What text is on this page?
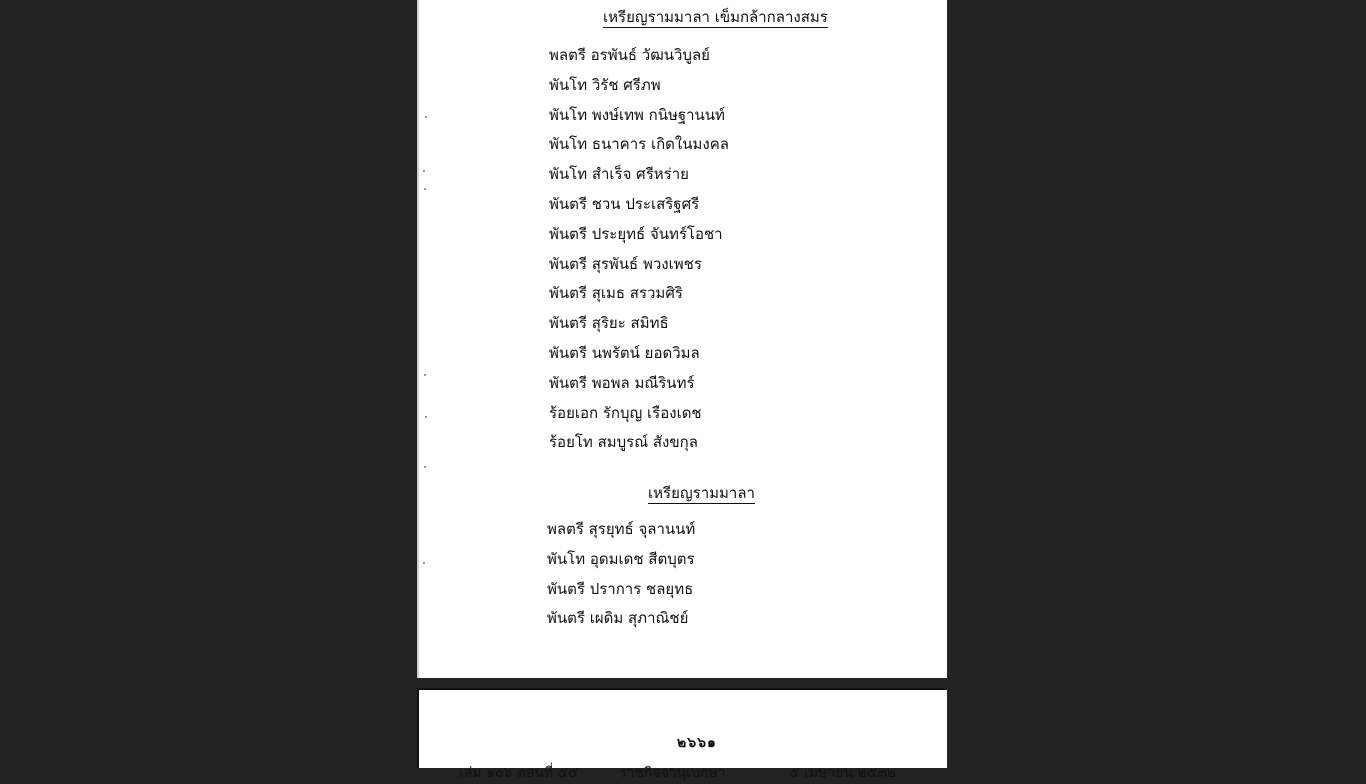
เหรียญรามมาลา เข็มกล้ากลางสมร
พลตรี อรพันธ์ วัฒนวิบูลย์
พันโท วิรัช ศรีภพ
พันโท พงษ์เทพ กนิษฐานนท์
พันโท ธนาคาร เกิดในมงคล
พันโท สำเร็จ ศรีหร่าย
พันตรี ชวน ประเสริฐศรี
พันตรี ประยุทธ์ จันทร์โอชา
พันตรี สุรพันธ์ พวงเพชร
พันตรี สุเมธ สรวมศิริ
พันตรี สุริยะ สมิทธิ
พันตรี นพรัตน์ ยอดวิมล
พันตรี พอพล มณีรินทร์
ร้อยเอก รักบุญ เรืองเดช
ร้อยโท สมบูรณ์ สังขกุล
เหรียญรามมาลา
พลตรี สุรยุทธ์ จุลานนท์
พันโท อุดมเดช สีตบุตร
พันตรี ปราการ ชลยุทธ
พันตรี เผดิม สุภาณิชย์
๒๖๖๑
เล่ม ๑๐๖ ตอนที่ ๕๕	ราชกิจจานุเบกษา	๕ เมษายน ๒๕๓๒
